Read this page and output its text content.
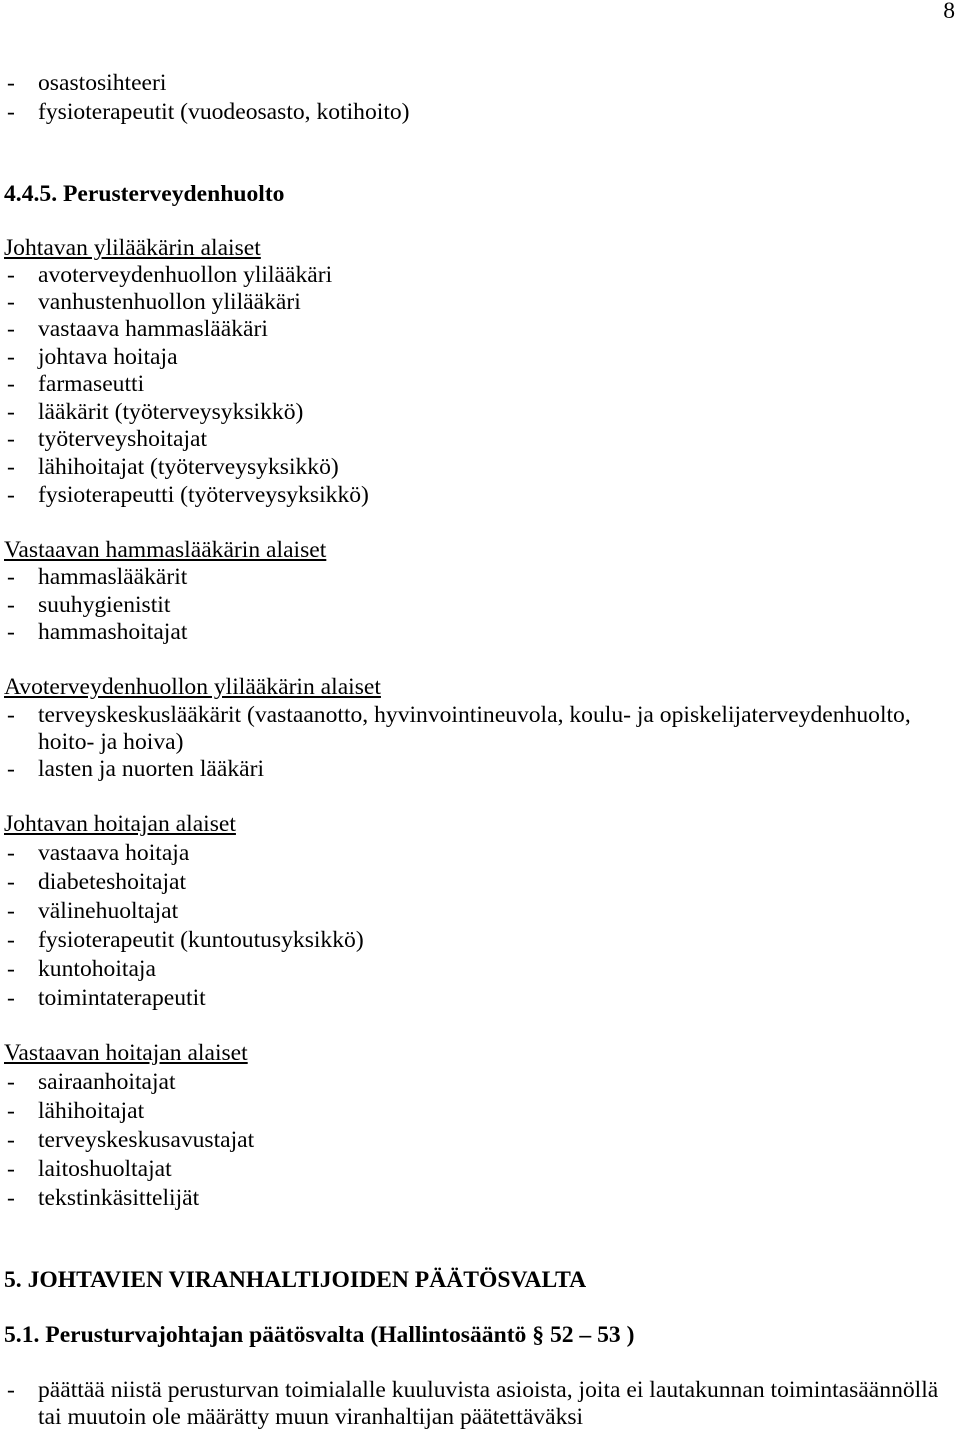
8
- osastosihteeri
- fysioterapeutit (vuodeosasto, kotihoito)
4.4.5. Perusterveydenhuolto
Johtavan ylilääkärin alaiset
- avoterveydenhuollon ylilääkäri
- vanhustenhuollon ylilääkäri
- vastaava hammaslääkäri
- johtava hoitaja
- farmaseutti
- lääkärit (työterveysyksikkö)
- työterveyshoitajat
- lähihoitajat (työterveysyksikkö)
- fysioterapeutti (työterveysyksikkö)
Vastaavan hammaslääkärin alaiset
- hammaslääkärit
- suuhygienistit
- hammashoitajat
Avoterveydenhuollon ylilääkärin alaiset
- terveyskeskuslääkärit (vastaanotto, hyvinvointineuvola, koulu- ja opiskelijaterveydenhuolto,
hoito- ja hoiva)
- lasten ja nuorten lääkäri
Johtavan hoitajan alaiset
- vastaava hoitaja
- diabeteshoitajat
- välinehuoltajat
- fysioterapeutit (kuntoutusyksikkö)
- kuntohoitaja
- toimintaterapeutit
Vastaavan hoitajan alaiset
- sairaanhoitajat
- lähihoitajat
- terveyskeskusavustajat
- laitoshuoltajat
- tekstinkäsittelijät
5. JOHTAVIEN VIRANHALTIJOIDEN PÄÄTÖSVALTA
5.1. Perusturvajohtajan päätösvalta (Hallintosääntö § 52 – 53 )
- päättää niistä perusturvan toimialalle kuuluvista asioista, joita ei lautakunnan toimintasäännöllä
tai muutoin ole määrätty muun viranhaltijan päätettäväksi
